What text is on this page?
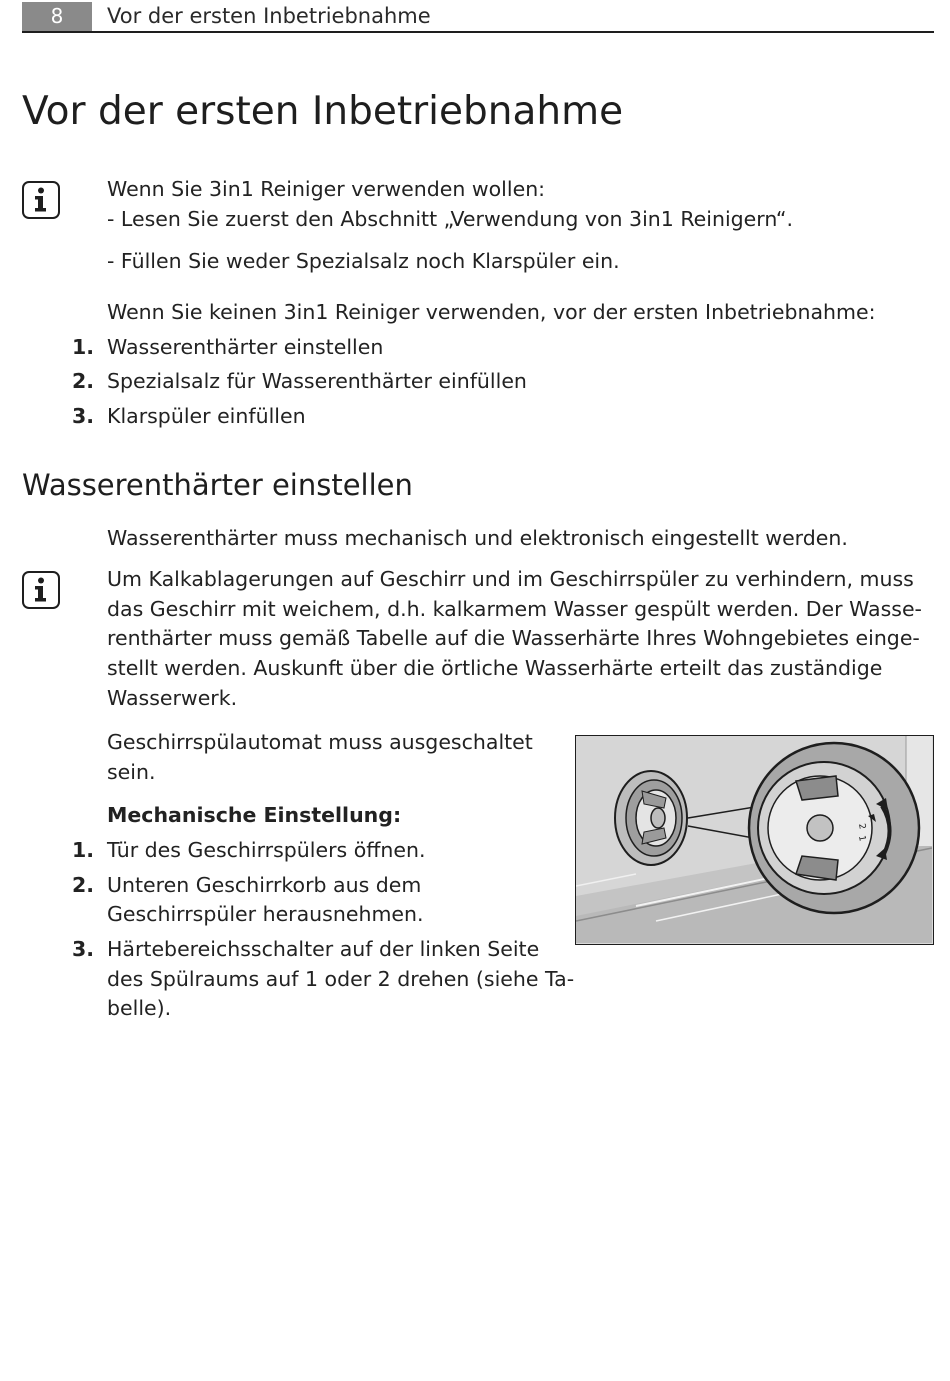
8	Vor der ersten Inbetriebnahme
Vor der ersten Inbetriebnahme

Wenn Sie 3in1 Reiniger verwenden wollen:

- Lesen Sie zuerst den Abschnitt „Verwendung von 3in1 Reinigern“.

- Füllen Sie weder Spezialsalz noch Klarspüler ein.

Wenn Sie keinen 3in1 Reiniger verwenden, vor der ersten Inbetriebnahme:

1. Wasserenthärter einstellen

2. Spezialsalz für Wasserenthärter einfüllen

3. Klarspüler einfüllen

Wasserenthärter einstellen

Wasserenthärter muss mechanisch und elektronisch eingestellt werden.

Um Kalkablagerungen auf Geschirr und im Geschirrspüler zu verhindern, muss

das Geschirr mit weichem, d.h. kalkarmem Wasser gespült werden. Der Wasse-

renthärter muss gemäß Tabelle auf die Wasserhärte Ihres Wohngebietes einge-

stellt werden. Auskunft über die örtliche Wasserhärte erteilt das zuständige

Wasserwerk.

Geschirrspülautomat muss ausgeschaltet

sein.

Mechanische Einstellung:

1. Tür des Geschirrspülers öffnen.

2. Unteren Geschirrkorb aus dem

Geschirrspüler herausnehmen.

3. Härtebereichsschalter auf der linken Seite

des Spülraums auf 1 oder 2 drehen (siehe Ta-

belle).

2
1
